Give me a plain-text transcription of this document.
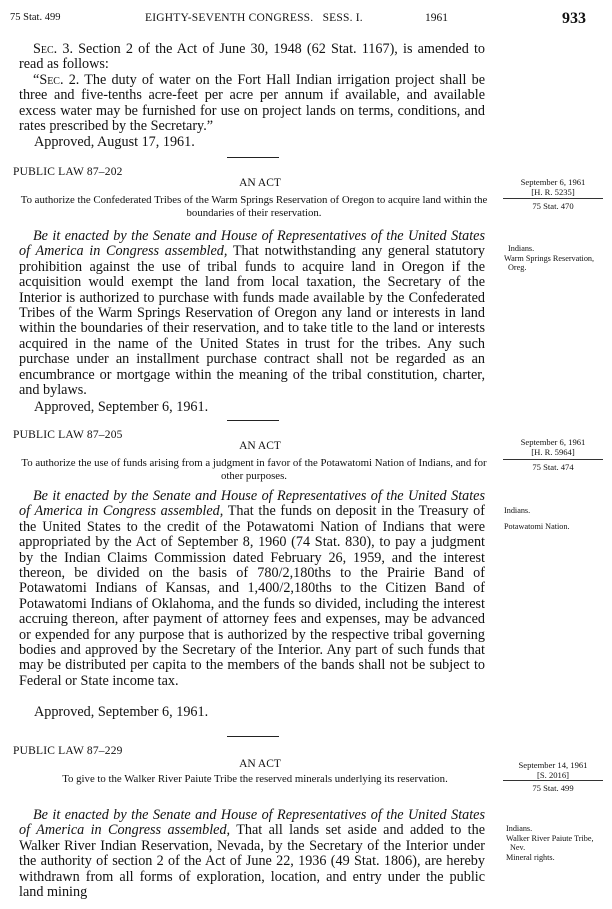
75 Stat. 499	EIGHTY-SEVENTH CONGRESS.   SESS. I.	1961	933
Sec. 3. Section 2 of the Act of June 30, 1948 (62 Stat. 1167), is amended to read as follows:
“Sec. 2. The duty of water on the Fort Hall Indian irrigation project shall be three and five-tenths acre-feet per acre per annum if available, and available excess water may be furnished for use on project lands on terms, conditions, and rates prescribed by the Secretary.”
Approved, August 17, 1961.
PUBLIC LAW 87–202
AN ACT
To authorize the Confederated Tribes of the Warm Springs Reservation of Oregon to acquire land within the boundaries of their reservation.
September 6, 1961
[H. R. 5235]
75 Stat. 470
Be it enacted by the Senate and House of Representatives of the United States of America in Congress assembled, That notwithstanding any general statutory prohibition against the use of tribal funds to acquire land in Oregon if the acquisition would exempt the land from local taxation, the Secretary of the Interior is authorized to purchase with funds made available by the Confederated Tribes of the Warm Springs Reservation of Oregon any land or interests in land within the boundaries of their reservation, and to take title to the land or interests acquired in the name of the United States in trust for the tribes. Any such purchase under an installment purchase contract shall not be regarded as an encumbrance or mortgage within the meaning of the tribal constitution, charter, and bylaws.
Indians.
Warm Springs Reservation, Oreg.
Approved, September 6, 1961.
PUBLIC LAW 87–205
AN ACT
To authorize the use of funds arising from a judgment in favor of the Potawatomi Nation of Indians, and for other purposes.
September 6, 1961
[H. R. 5964]
75 Stat. 474
Be it enacted by the Senate and House of Representatives of the United States of America in Congress assembled, That the funds on deposit in the Treasury of the United States to the credit of the Potawatomi Nation of Indians that were appropriated by the Act of September 8, 1960 (74 Stat. 830), to pay a judgment by the Indian Claims Commission dated February 26, 1959, and the interest thereon, be divided on the basis of 780/2,180ths to the Prairie Band of Potawatomi Indians of Kansas, and 1,400/2,180ths to the Citizen Band of Potawatomi Indians of Oklahoma, and the funds so divided, including the interest accruing thereon, after payment of attorney fees and expenses, may be advanced or expended for any purpose that is authorized by the respective tribal governing bodies and approved by the Secretary of the Interior. Any part of such funds that may be distributed per capita to the members of the bands shall not be subject to Federal or State income tax.
Indians.
Potawatomi Nation.
Approved, September 6, 1961.
PUBLIC LAW 87–229
AN ACT
To give to the Walker River Paiute Tribe the reserved minerals underlying its reservation.
September 14, 1961
[S. 2016]
75 Stat. 499
Be it enacted by the Senate and House of Representatives of the United States of America in Congress assembled, That all lands set aside and added to the Walker River Indian Reservation, Nevada, by the Secretary of the Interior under the authority of section 2 of the Act of June 22, 1936 (49 Stat. 1806), are hereby withdrawn from all forms of exploration, location, and entry under the public land mining
Indians.
Walker River Paiute Tribe, Nev.
Mineral rights.
